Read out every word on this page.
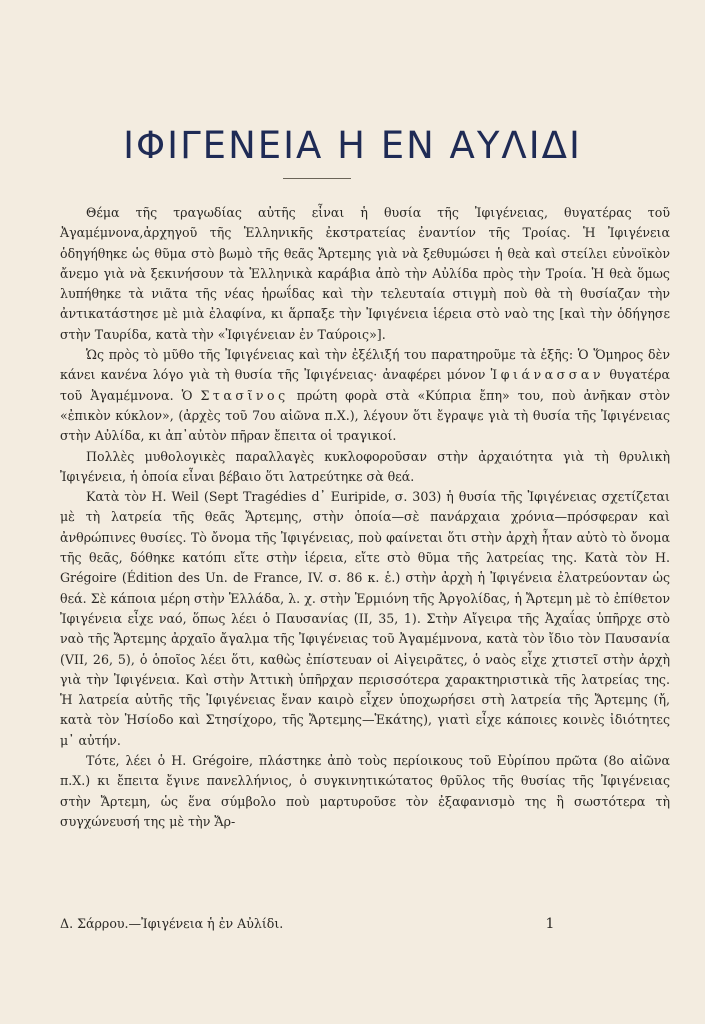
ΙΦΙΓΕΝΕΙΑ Η ΕΝ ΑΥΛΙΔΙ

Θέμα τῆς τραγωδίας αὐτῆς εἶναι ἡ θυσία τῆς Ἰφιγένειας, θυγατέρας τοῦ Ἀγαμέμνονα,ἀρχηγοῦ τῆς Ἑλληνικῆς ἐκστρατείας ἐναντίον τῆς Τροίας. Ἡ Ἰφιγένεια ὁδηγήθηκε ὡς θῦμα στὸ βωμὸ τῆς θεᾶς Ἄρτεμης γιὰ νὰ ξεθυμώσει ἡ θεὰ καὶ στείλει εὐνοϊκὸν ἄνεμο γιὰ νὰ ξεκινήσουν τὰ Ἑλληνικὰ καράβια ἀπὸ τὴν Αὐλίδα πρὸς τὴν Τροία. Ἡ θεὰ ὅμως λυπήθηκε τὰ νιᾶτα τῆς νέας ἡρωΐδας καὶ τὴν τελευταία στιγμὴ ποὺ θὰ τὴ θυσίαζαν τὴν ἀντικατάστησε μὲ μιὰ ἐλαφίνα, κι ἅρπαξε τὴν Ἰφιγένεια ἱέρεια στὸ ναὸ της [καὶ τὴν ὁδήγησε στὴν Ταυρίδα, κατὰ τὴν «Ἰφιγένειαν ἐν Ταύροις»].

Ὡς πρὸς τὸ μῦθο τῆς Ἰφιγένειας καὶ τὴν ἐξέλιξή του παρατηροῦμε τὰ ἑξῆς: Ὁ Ὅμηρος δὲν κάνει κανένα λόγο γιὰ τὴ θυσία τῆς Ἰφιγένειας· ἀναφέρει μόνον Ἰφιάνασσαν θυγατέρα τοῦ Ἀγαμέμνονα. Ὁ Στασῖνος πρώτη φορὰ στὰ «Κύπρια ἔπη» του, ποὺ ἀνῆκαν στὸν «ἐπικὸν κύκλον», (ἀρχὲς τοῦ 7ου αἰῶνα π.Χ.), λέγουν ὅτι ἔγραψε γιὰ τὴ θυσία τῆς Ἰφιγένειας στὴν Αὐλίδα, κι ἀπ᾽αὐτὸν πῆραν ἔπειτα οἱ τραγικοί.

Πολλὲς μυθολογικὲς παραλλαγὲς κυκλοφοροῦσαν στὴν ἀρχαιότητα γιὰ τὴ θρυλικὴ Ἰφιγένεια, ἡ ὁποία εἶναι βέβαιο ὅτι λατρεύτηκε σὰ θεά.

Κατὰ τὸν H. Weil (Sept Tragédies d᾽ Euripide, σ. 303) ἡ θυσία τῆς Ἰφιγένειας σχετίζεται μὲ τὴ λατρεία τῆς θεᾶς Ἄρτεμης, στὴν ὁποία—σὲ πανάρχαια χρόνια—πρόσφεραν καὶ ἀνθρώπινες θυσίες. Τὸ ὄνομα τῆς Ἰφιγένειας, ποὺ φαίνεται ὅτι στὴν ἀρχὴ ἦταν αὐτὸ τὸ ὄνομα τῆς θεᾶς, δόθηκε κατόπι εἴτε στὴν ἱέρεια, εἴτε στὸ θῦμα τῆς λατρείας της. Κατὰ τὸν H. Grégoire (Édition des Un. de France, IV. σ. 86 κ. ἑ.) στὴν ἀρχὴ ἡ Ἰφιγένεια ἐλατρεύονταν ὡς θεά. Σὲ κάποια μέρη στὴν Ἑλλάδα, λ. χ. στὴν Ἑρμιόνη τῆς Ἀργολίδας, ἡ Ἄρτεμη μὲ τὸ ἐπίθετον Ἰφιγένεια εἶχε ναό, ὅπως λέει ὁ Παυσανίας (II, 35, 1). Στὴν Αἴγειρα τῆς Ἀχαΐας ὑπῆρχε στὸ ναὸ τῆς Ἄρτεμης ἀρχαῖο ἄγαλμα τῆς Ἰφιγένειας τοῦ Ἀγαμέμνονα, κατὰ τὸν ἴδιο τὸν Παυσανία (VII, 26, 5), ὁ ὁποῖος λέει ὅτι, καθὼς ἐπίστευαν οἱ Αἰγειρᾶτες, ὁ ναὸς εἶχε χτιστεῖ στὴν ἀρχὴ γιὰ τὴν Ἰφιγένεια. Καὶ στὴν Ἀττικὴ ὑπῆρχαν περισσότερα χαρακτηριστικὰ τῆς λατρείας της. Ἡ λατρεία αὐτῆς τῆς Ἰφιγένειας ἔναν καιρὸ εἶχεν ὑποχωρήσει στὴ λατρεία τῆς Ἄρτεμης (ἤ, κατὰ τὸν Ἡσίοδο καὶ Στησίχορο, τῆς Ἄρτεμης—Ἑκάτης), γιατὶ εἶχε κάποιες κοινὲς ἰδιότητες μ᾽ αὐτήν.

Τότε, λέει ὁ H. Grégoire, πλάστηκε ἀπὸ τοὺς περίοικους τοῦ Εὐρίπου πρῶτα (8ο αἰῶνα π.Χ.) κι ἔπειτα ἔγινε πανελλήνιος, ὁ συγκινητικώτατος θρῦλος τῆς θυσίας τῆς Ἰφιγένειας στὴν Ἄρτεμη, ὡς ἕνα σύμβολο ποὺ μαρτυροῦσε τὸν ἐξαφανισμὸ της ἢ σωστότερα τὴ συγχώνευσή της μὲ τὴν Ἄρ-

Δ. Σάρρου.—Ἰφιγένεια ἡ ἐν Αὐλίδι.	1
